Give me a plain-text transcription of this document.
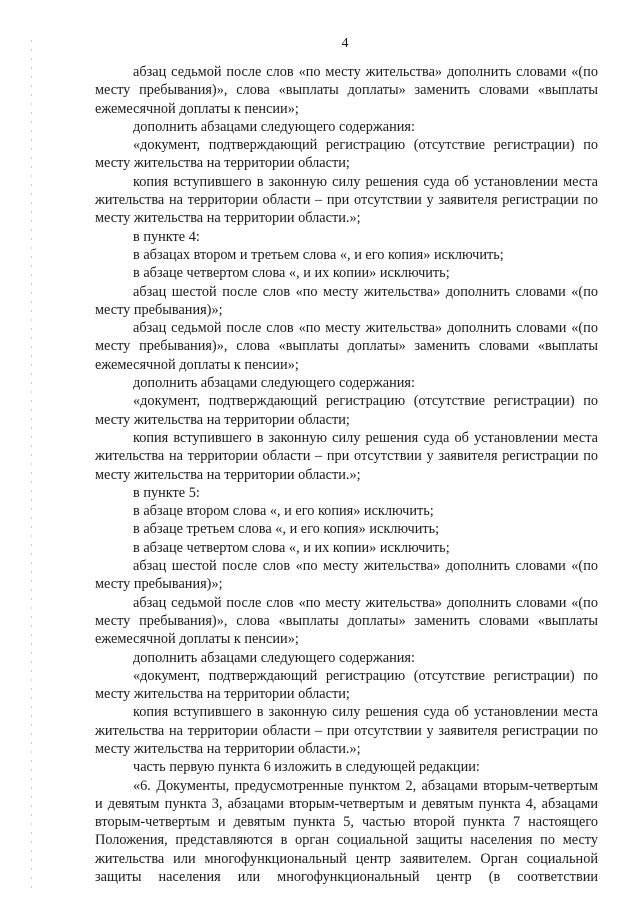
4

абзац седьмой после слов «по месту жительства» дополнить словами «(по месту пребывания)», слова «выплаты доплаты» заменить словами «выплаты ежемесячной доплаты к пенсии»;

дополнить абзацами следующего содержания:

«документ, подтверждающий регистрацию (отсутствие регистрации) по месту жительства на территории области;

копия вступившего в законную силу решения суда об установлении места жительства на территории области – при отсутствии у заявителя регистрации по месту жительства на территории области.»;

в пункте 4:

в абзацах втором и третьем слова «, и его копия» исключить;

в абзаце четвертом слова «, и их копии» исключить;

абзац шестой после слов «по месту жительства» дополнить словами «(по месту пребывания)»;

абзац седьмой после слов «по месту жительства» дополнить словами «(по месту пребывания)», слова «выплаты доплаты» заменить словами «выплаты ежемесячной доплаты к пенсии»;

дополнить абзацами следующего содержания:

«документ, подтверждающий регистрацию (отсутствие регистрации) по месту жительства на территории области;

копия вступившего в законную силу решения суда об установлении места жительства на территории области – при отсутствии у заявителя регистрации по месту жительства на территории области.»;

в пункте 5:

в абзаце втором слова «, и его копия» исключить;

в абзаце третьем слова «, и его копия» исключить;

в абзаце четвертом слова «, и их копии» исключить;

абзац шестой после слов «по месту жительства» дополнить словами «(по месту пребывания)»;

абзац седьмой после слов «по месту жительства» дополнить словами «(по месту пребывания)», слова «выплаты доплаты» заменить словами «выплаты ежемесячной доплаты к пенсии»;

дополнить абзацами следующего содержания:

«документ, подтверждающий регистрацию (отсутствие регистрации) по месту жительства на территории области;

копия вступившего в законную силу решения суда об установлении места жительства на территории области – при отсутствии у заявителя регистрации по месту жительства на территории области.»;

часть первую пункта 6 изложить в следующей редакции:

«6. Документы, предусмотренные пунктом 2, абзацами вторым-четвертым и девятым пункта 3, абзацами вторым-четвертым и девятым пункта 4, абзацами вторым-четвертым и девятым пункта 5, частью второй пункта 7 настоящего Положения, представляются в орган социальной защиты населения по месту жительства или многофункциональный центр заявителем. Орган социальной защиты населения или многофункциональный центр (в соответствии
